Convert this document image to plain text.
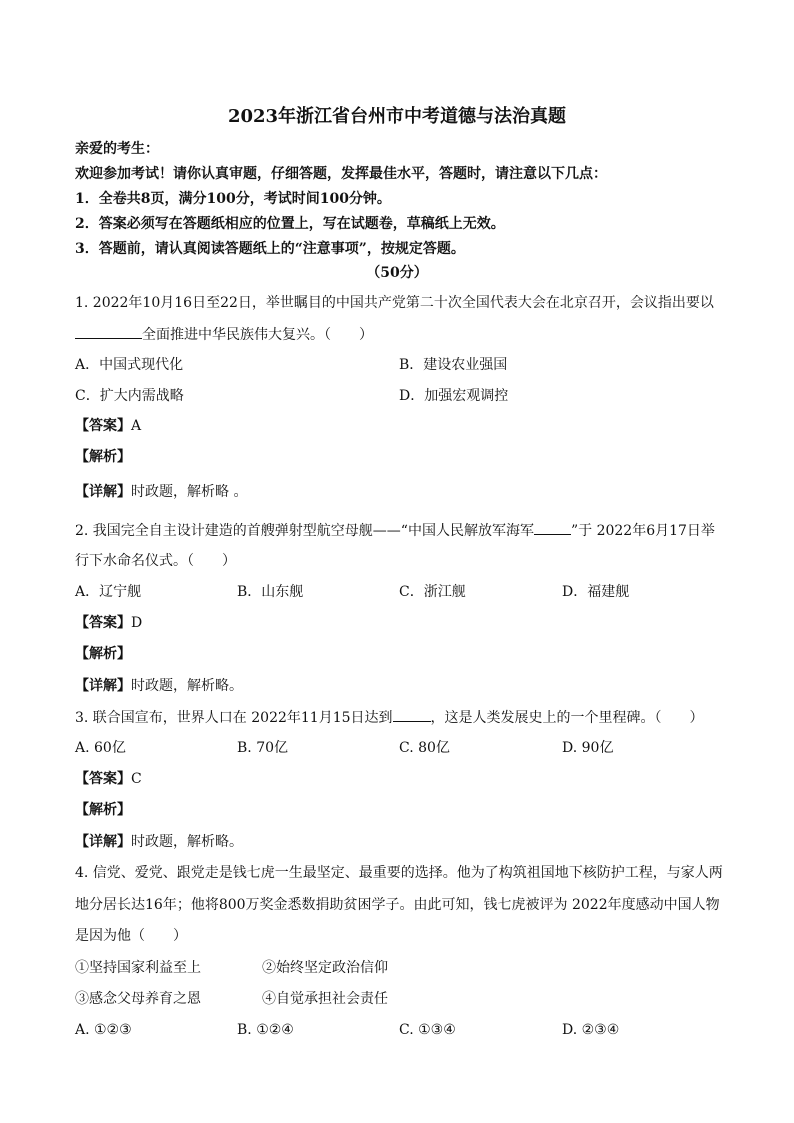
2023年浙江省台州市中考道德与法治真题
亲爱的考生：
欢迎参加考试！请你认真审题，仔细答题，发挥最佳水平，答题时，请注意以下几点：
1．全卷共8页，满分100分，考试时间100分钟。
2．答案必须写在答题纸相应的位置上，写在试题卷，草稿纸上无效。
3．答题前，请认真阅读答题纸上的“注意事项”，按规定答题。
（50分）
1. 2022年10月16日至22日，举世瞩目的中国共产党第二十次全国代表大会在北京召开，会议指出要以
全面推进中华民族伟大复兴。（　　）
A．中国式现代化	B．建设农业强国
C．扩大内需战略	D．加强宏观调控
【答案】A
【解析】
【详解】时政题，解析略 。
2. 我国完全自主设计建造的首艘弹射型航空母舰——“中国人民解放军海军	”于 2022年6月17日举
行下水命名仪式。（　　）
A．辽宁舰	B．山东舰	C．浙江舰	D．福建舰
【答案】D
【解析】
【详解】时政题，解析略。
3. 联合国宣布，世界人口在 2022年11月15日达到	，这是人类发展史上的一个里程碑。（　　）
A. 60亿	B. 70亿	C. 80亿	D. 90亿
【答案】C
【解析】
【详解】时政题，解析略。
4. 信党、爱党、跟党走是钱七虎一生最坚定、最重要的选择。他为了构筑祖国地下核防护工程，与家人两
地分居长达16年；他将800万奖金悉数捐助贫困学子。由此可知，钱七虎被评为 2022年度感动中国人物
是因为他（　　）
①坚持国家利益至上	②始终坚定政治信仰
③感念父母养育之恩	④自觉承担社会责任
A. ①②③	B. ①②④	C. ①③④	D. ②③④
